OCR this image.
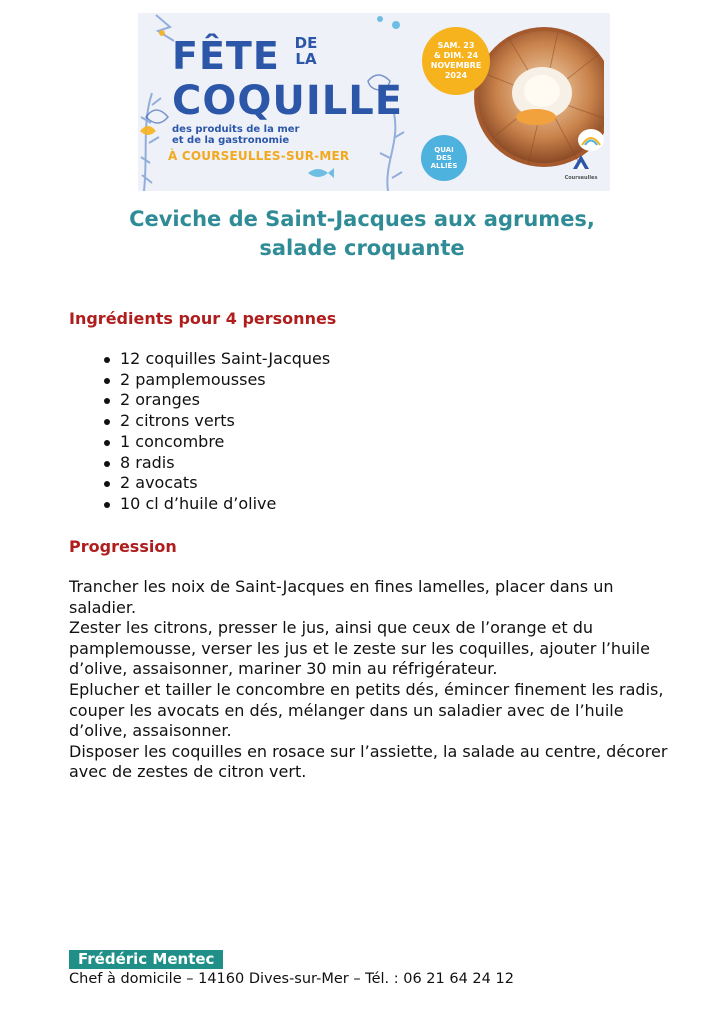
FÊTE DE
LA
COQUILLE
des produits de la mer
et de la gastronomie
À COURSEULLES-SUR-MER
SAM. 23
& DIM. 24
NOVEMBRE
2024
QUAI
DES
ALLIÉS
Courseulles
Ceviche de Saint-Jacques aux agrumes,
salade croquante
Ingrédients pour 4 personnes
12 coquilles Saint-Jacques
2 pamplemousses
2 oranges
2 citrons verts
1 concombre
8 radis
2 avocats
10 cl d’huile d’olive
Progression

Trancher les noix de Saint-Jacques en fines lamelles, placer dans un saladier.

Zester les citrons, presser le jus, ainsi que ceux de l’orange et du pamplemousse, verser les jus et le zeste sur les coquilles, ajouter l’huile d’olive, assaisonner, mariner 30 min au réfrigérateur.

Eplucher et tailler le concombre en petits dés, émincer finement les radis, couper les avocats en dés, mélanger dans un saladier avec de l’huile d’olive, assaisonner.

Disposer les coquilles en rosace sur l’assiette, la salade au centre, décorer avec de zestes de citron vert.

Frédéric Mentec
Chef à domicile – 14160 Dives-sur-Mer – Tél. : 06 21 64 24 12
